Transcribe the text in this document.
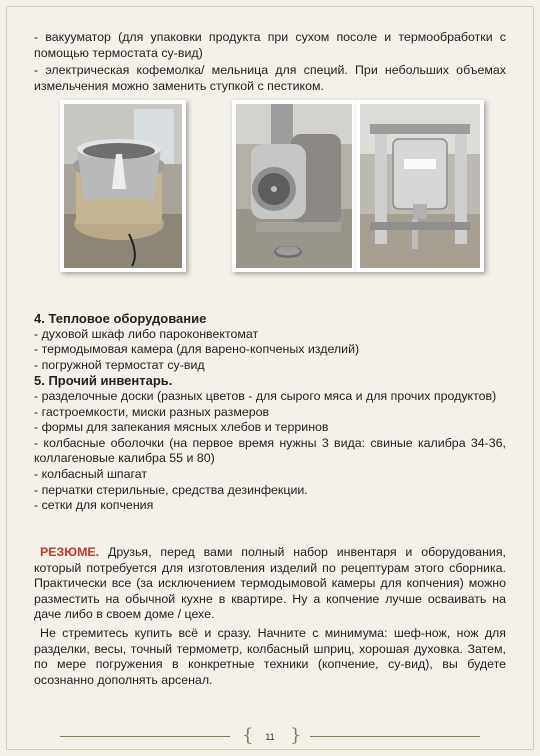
- вакууматор (для упаковки продукта при сухом посоле и термообработки с помощью термостата су-вид)

- электрическая кофемолка/ мельница для специй. При небольших объемах измельчения можно заменить ступкой с пестиком.

4. Тепловое оборудование
- духовой шкаф либо пароконвектомат
- термодымовая камера (для варено-копченых изделий)
- погружной термостат су-вид
5. Прочий инвентарь.
- разделочные доски (разных цветов - для сырого мяса и для прочих продуктов)
- гастроемкости, миски разных размеров
- формы для запекания мясных хлебов и терринов
- колбасные оболочки (на первое время нужны 3 вида: свиные калибра 34-36, коллагеновые калибра 55 и 80)
- колбасный шпагат
- перчатки стерильные, средства дезинфекции.
- сетки для копчения

РЕЗЮМЕ. Друзья, перед вами полный набор инвентаря и оборудования, который потребуется для изготовления изделий по рецептурам этого сборника. Практически все (за исключением термодымовой камеры для копчения) можно разместить на обычной кухне в квартире. Ну а копчение лучше осваивать на даче либо в своем доме / цехе.

Не стремитесь купить всё и сразу. Начните с минимума: шеф-нож, нож для разделки, весы, точный термометр, колбасный шприц, хорошая духовка. Затем, по мере погружения в конкретные техники (копчение, су-вид), вы будете осознанно дополнять арсенал.

{	11 }
